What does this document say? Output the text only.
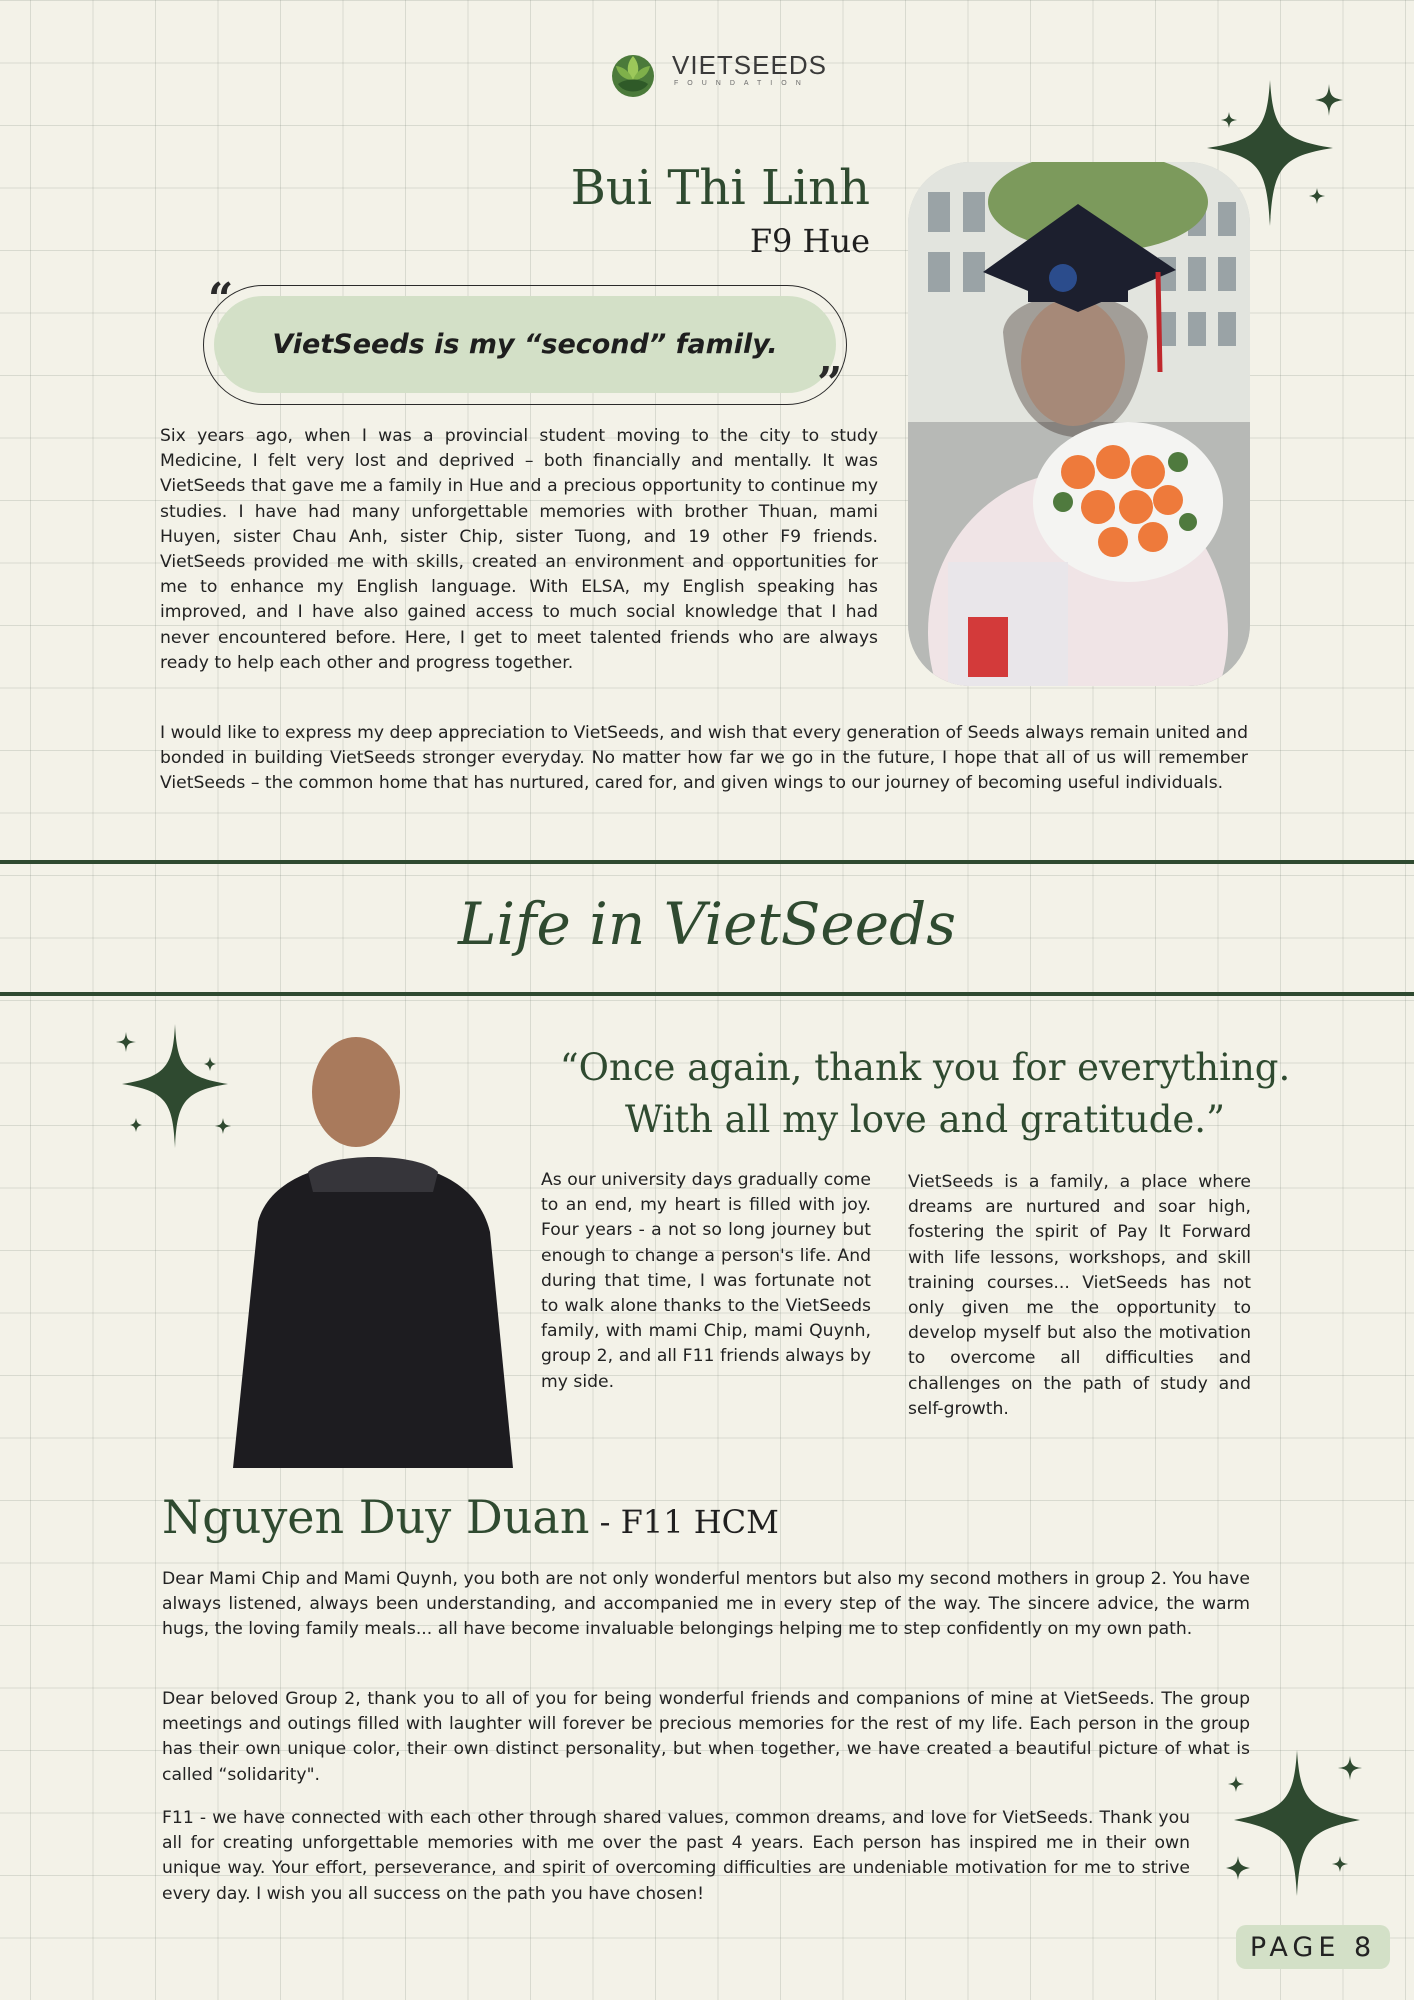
VIETSEEDS
FOUNDATION
Bui Thi Linh
F9 Hue
VietSeeds is my “second” family.
“
”

Six years ago, when I was a provincial student moving to the city to study Medicine, I felt very lost and deprived – both financially and mentally. It was VietSeeds that gave me a family in Hue and a precious opportunity to continue my studies. I have had many unforgettable memories with brother Thuan, mami Huyen, sister Chau Anh, sister Chip, sister Tuong, and 19 other F9 friends. VietSeeds provided me with skills, created an environment and opportunities for me to enhance my English language. With ELSA, my English speaking has improved, and I have also gained access to much social knowledge that I had never encountered before. Here, I get to meet talented friends who are always ready to help each other and progress together.

I would like to express my deep appreciation to VietSeeds, and wish that every generation of Seeds always remain united and bonded in building VietSeeds stronger everyday. No matter how far we go in the future, I hope that all of us will remember VietSeeds – the common home that has nurtured, cared for, and given wings to our journey of becoming useful individuals.

Life in VietSeeds
“Once again, thank you for everything.
With all my love and gratitude.”

As our university days gradually come to an end, my heart is filled with joy. Four years - a not so long journey but enough to change a person's life. And during that time, I was fortunate not to walk alone thanks to the VietSeeds family, with mami Chip, mami Quynh, group 2, and all F11 friends always by my side.

VietSeeds is a family, a place where dreams are nurtured and soar high, fostering the spirit of Pay It Forward with life lessons, workshops, and skill training courses... VietSeeds has not only given me the opportunity to develop myself but also the motivation to overcome all difficulties and challenges on the path of study and self-growth.

Nguyen Duy Duan - F11 HCM

Dear Mami Chip and Mami Quynh, you both are not only wonderful mentors but also my second mothers in group 2. You have always listened, always been understanding, and accompanied me in every step of the way. The sincere advice, the warm hugs, the loving family meals... all have become invaluable belongings helping me to step confidently on my own path.

Dear beloved Group 2, thank you to all of you for being wonderful friends and companions of mine at VietSeeds. The group meetings and outings filled with laughter will forever be precious memories for the rest of my life. Each person in the group has their own unique color, their own distinct personality, but when together, we have created a beautiful picture of what is called “solidarity".

F11 - we have connected with each other through shared values, common dreams, and love for VietSeeds. Thank you all for creating unforgettable memories with me over the past 4 years. Each person has inspired me in their own unique way. Your effort, perseverance, and spirit of overcoming difficulties are undeniable motivation for me to strive every day. I wish you all success on the path you have chosen!

PAGE 8
